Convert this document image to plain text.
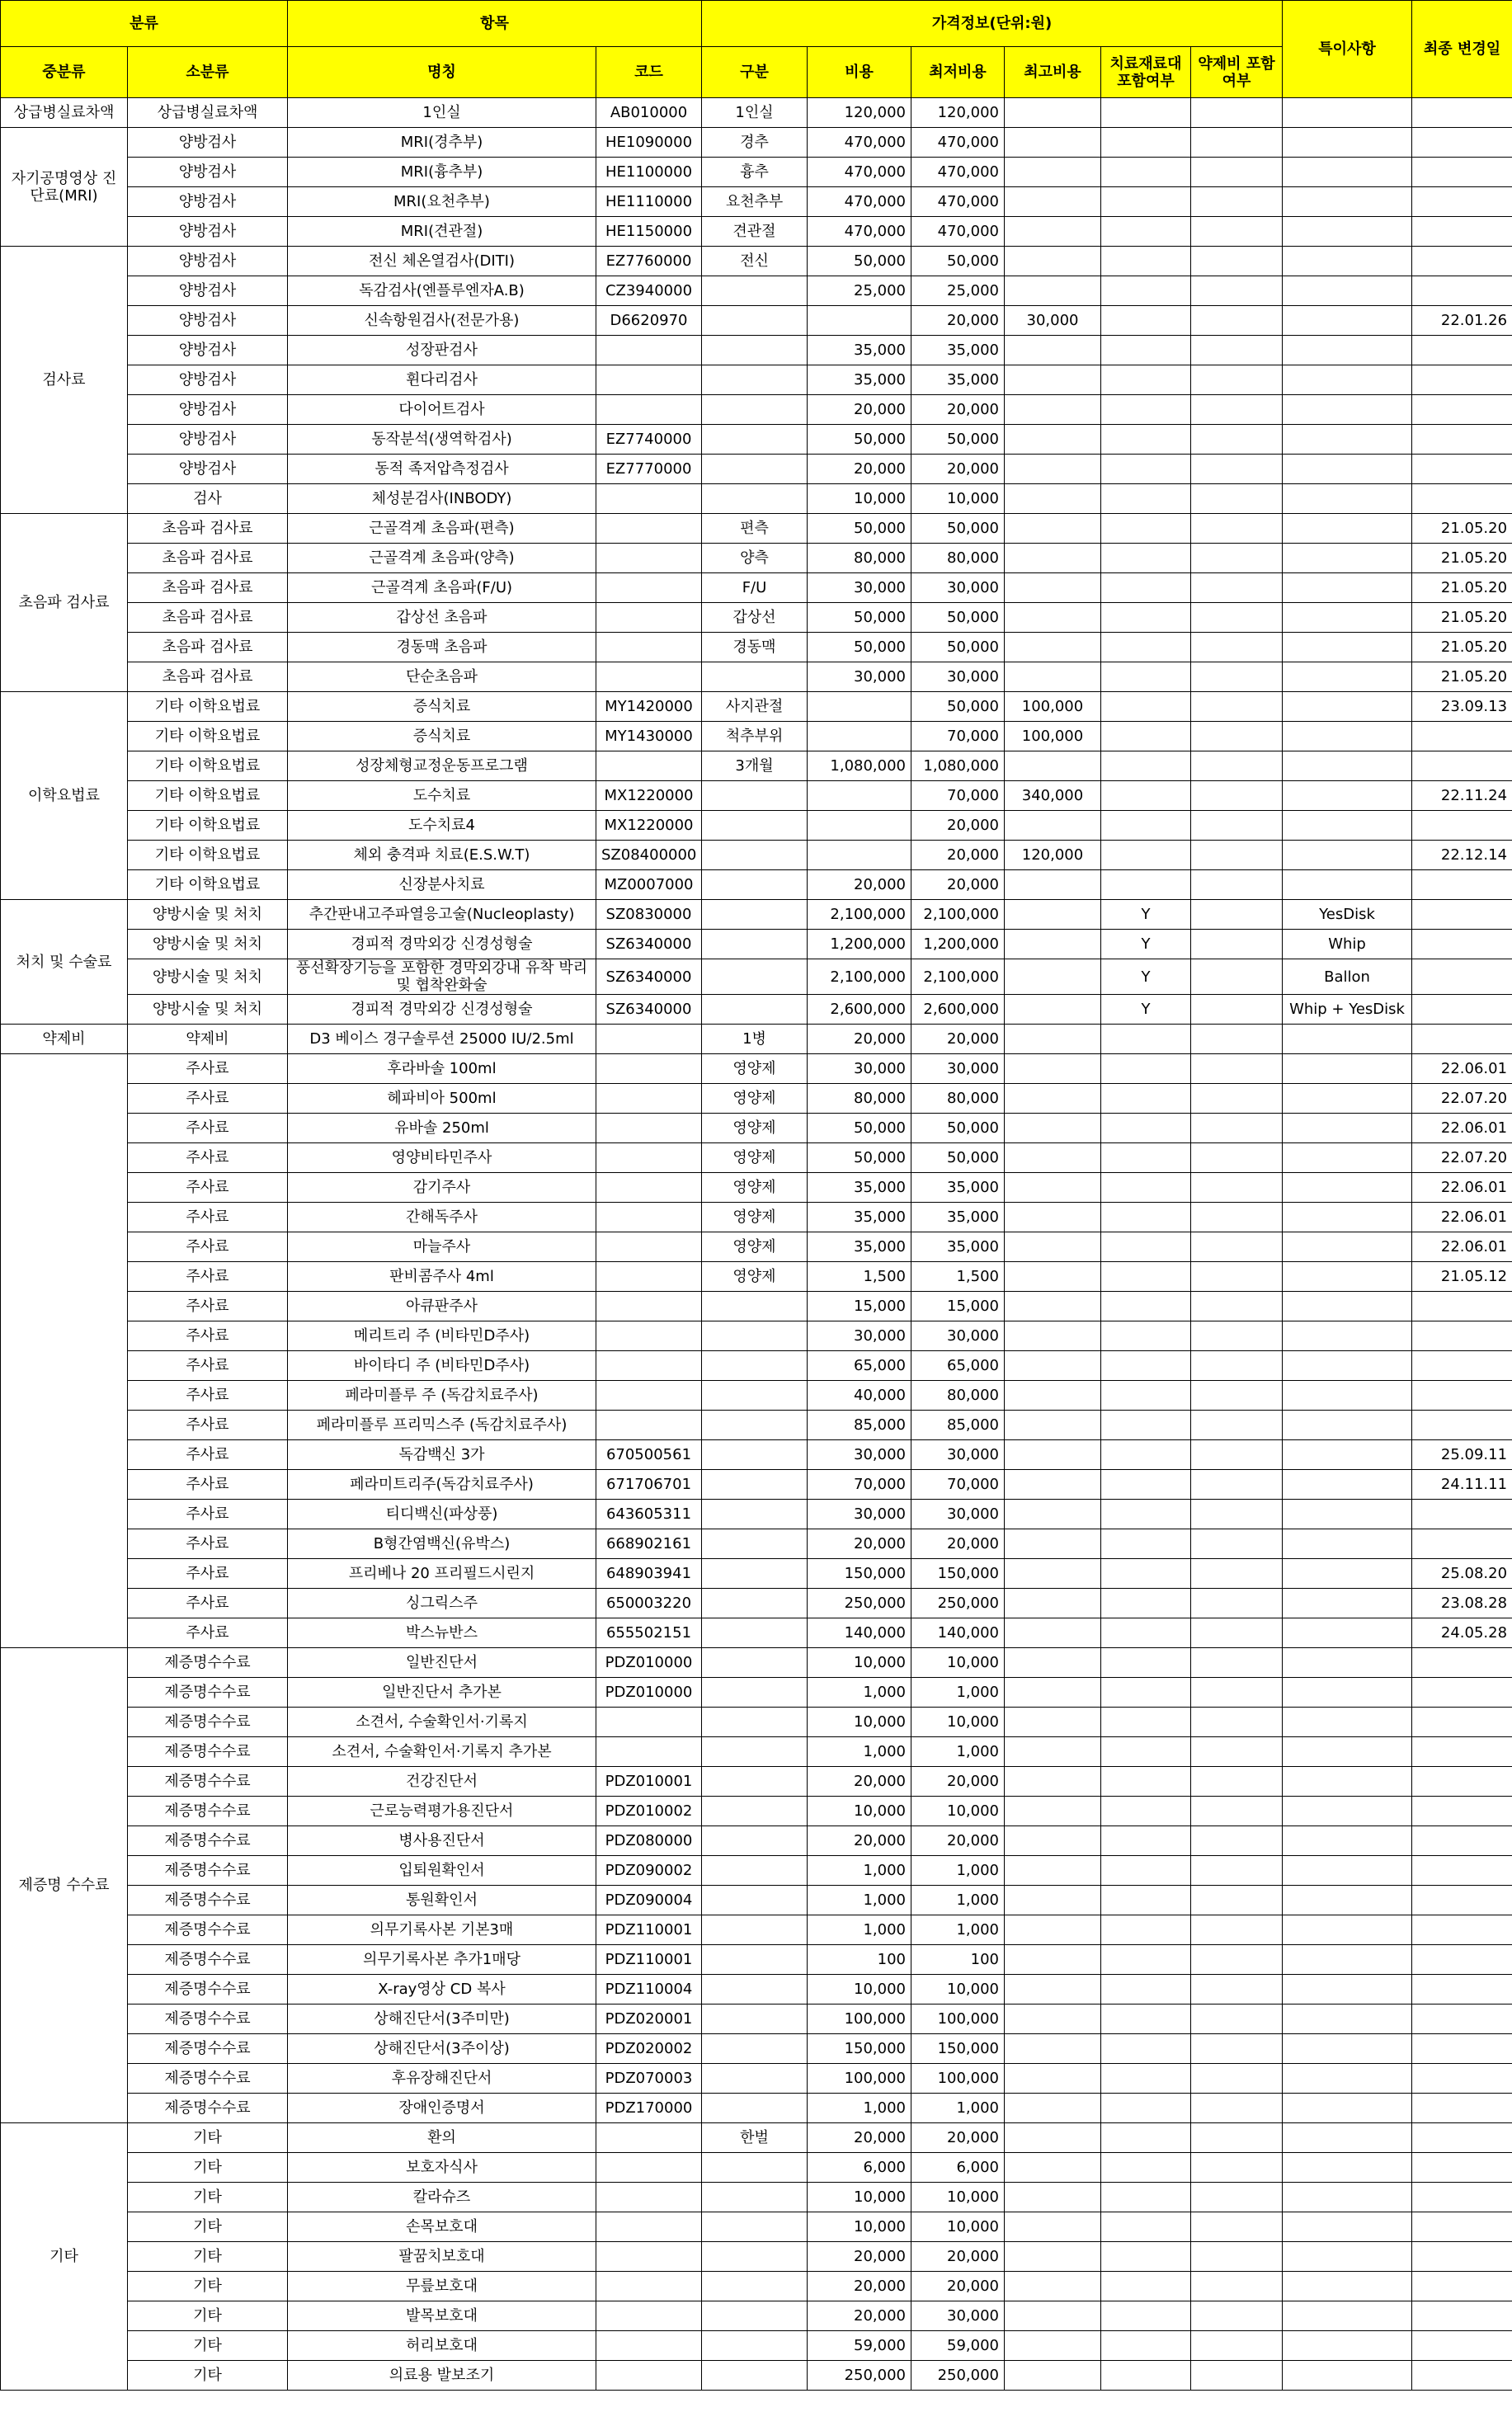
분류		항목		가격정보(단위:원)						특이사항	최종 변경일
중분류	소분류	명칭	코드	구분	비용	최저비용	최고비용	치료재료대 포함여부	약제비 포함여부		
상급병실료차액	상급병실료차액	1인실	AB010000	1인실	120,000	120,000					
자기공명영상 진단료(MRI)	양방검사	MRI(경추부)	HE1090000	경추	470,000	470,000					
	양방검사	MRI(흉추부)	HE1100000	흉추	470,000	470,000					
	양방검사	MRI(요천추부)	HE1110000	요천추부	470,000	470,000					
	양방검사	MRI(견관절)	HE1150000	견관절	470,000	470,000					
검사료	양방검사	전신 체온열검사(DITI)	EZ7760000	전신	50,000	50,000					
	양방검사	독감검사(엔플루엔자A.B)	CZ3940000		25,000	25,000					
	양방검사	신속항원검사(전문가용)	D6620970			20,000	30,000				22.01.26
	양방검사	성장판검사			35,000	35,000					
	양방검사	휜다리검사			35,000	35,000					
	양방검사	다이어트검사			20,000	20,000					
	양방검사	동작분석(생역학검사)	EZ7740000		50,000	50,000					
	양방검사	동적 족저압측정검사	EZ7770000		20,000	20,000					
	검사	체성분검사(INBODY)			10,000	10,000					
초음파 검사료	초음파 검사료	근골격계 초음파(편측)		편측	50,000	50,000					21.05.20
	초음파 검사료	근골격계 초음파(양측)		양측	80,000	80,000					21.05.20
	초음파 검사료	근골격계 초음파(F/U)		F/U	30,000	30,000					21.05.20
	초음파 검사료	갑상선 초음파		갑상선	50,000	50,000					21.05.20
	초음파 검사료	경동맥 초음파		경동맥	50,000	50,000					21.05.20
	초음파 검사료	단순초음파			30,000	30,000					21.05.20
이학요법료	기타 이학요법료	증식치료	MY1420000	사지관절		50,000	100,000				23.09.13
	기타 이학요법료	증식치료	MY1430000	척추부위		70,000	100,000				
	기타 이학요법료	성장체형교정운동프로그램		3개월	1,080,000	1,080,000					
	기타 이학요법료	도수치료	MX1220000			70,000	340,000				22.11.24
	기타 이학요법료	도수치료4	MX1220000			20,000					
	기타 이학요법료	체외 충격파 치료(E.S.W.T)	SZ08400000			20,000	120,000				22.12.14
	기타 이학요법료	신장분사치료	MZ0007000		20,000	20,000					
처치 및 수술료	양방시술 및 처치	추간판내고주파열응고술(Nucleoplasty)	SZ0830000		2,100,000	2,100,000		Y		YesDisk	
	양방시술 및 처치	경피적 경막외강 신경성형술	SZ6340000		1,200,000	1,200,000		Y		Whip	
	양방시술 및 처치	풍선확장기능을 포함한 경막외강내 유착 박리 및 협착완화술	SZ6340000		2,100,000	2,100,000		Y		Ballon	
	양방시술 및 처치	경피적 경막외강 신경성형술	SZ6340000		2,600,000	2,600,000		Y		Whip + YesDisk	
약제비	약제비	D3 베이스 경구솔루션 25000 IU/2.5ml		1병	20,000	20,000					
	주사료	후라바솔 100ml		영양제	30,000	30,000					22.06.01
	주사료	헤파비아 500ml		영양제	80,000	80,000					22.07.20
	주사료	유바솔 250ml		영양제	50,000	50,000					22.06.01
	주사료	영양비타민주사		영양제	50,000	50,000					22.07.20
	주사료	감기주사		영양제	35,000	35,000					22.06.01
	주사료	간해독주사		영양제	35,000	35,000					22.06.01
	주사료	마늘주사		영양제	35,000	35,000					22.06.01
	주사료	판비콤주사 4ml		영양제	1,500	1,500					21.05.12
	주사료	아큐판주사			15,000	15,000					
	주사료	메리트리 주 (비타민D주사)			30,000	30,000					
	주사료	바이타디 주 (비타민D주사)			65,000	65,000					
	주사료	페라미플루 주 (독감치료주사)			40,000	80,000					
	주사료	페라미플루 프리믹스주 (독감치료주사)			85,000	85,000					
	주사료	독감백신 3가	670500561		30,000	30,000					25.09.11
	주사료	페라미트리주(독감치료주사)	671706701		70,000	70,000					24.11.11
	주사료	티디백신(파상풍)	643605311		30,000	30,000					
	주사료	B형간염백신(유박스)	668902161		20,000	20,000					
	주사료	프리베나 20 프리필드시린지	648903941		150,000	150,000					25.08.20
	주사료	싱그릭스주	650003220		250,000	250,000					23.08.28
	주사료	박스뉴반스	655502151		140,000	140,000					24.05.28
제증명 수수료	제증명수수료	일반진단서	PDZ010000		10,000	10,000					
	제증명수수료	일반진단서 추가본	PDZ010000		1,000	1,000					
	제증명수수료	소견서, 수술확인서·기록지			10,000	10,000					
	제증명수수료	소견서, 수술확인서·기록지 추가본			1,000	1,000					
	제증명수수료	건강진단서	PDZ010001		20,000	20,000					
	제증명수수료	근로능력평가용진단서	PDZ010002		10,000	10,000					
	제증명수수료	병사용진단서	PDZ080000		20,000	20,000					
	제증명수수료	입퇴원확인서	PDZ090002		1,000	1,000					
	제증명수수료	통원확인서	PDZ090004		1,000	1,000					
	제증명수수료	의무기록사본 기본3매	PDZ110001		1,000	1,000					
	제증명수수료	의무기록사본 추가1매당	PDZ110001		100	100					
	제증명수수료	X-ray영상 CD 복사	PDZ110004		10,000	10,000					
	제증명수수료	상해진단서(3주미만)	PDZ020001		100,000	100,000					
	제증명수수료	상해진단서(3주이상)	PDZ020002		150,000	150,000					
	제증명수수료	후유장해진단서	PDZ070003		100,000	100,000					
	제증명수수료	장애인증명서	PDZ170000		1,000	1,000					
기타	기타	환의		한벌	20,000	20,000					
	기타	보호자식사			6,000	6,000					
	기타	칼라슈즈			10,000	10,000					
	기타	손목보호대			10,000	10,000					
	기타	팔꿈치보호대			20,000	20,000					
	기타	무릎보호대			20,000	20,000					
	기타	발목보호대			20,000	30,000					
	기타	허리보호대			59,000	59,000					
	기타	의료용 발보조기			250,000	250,000					
